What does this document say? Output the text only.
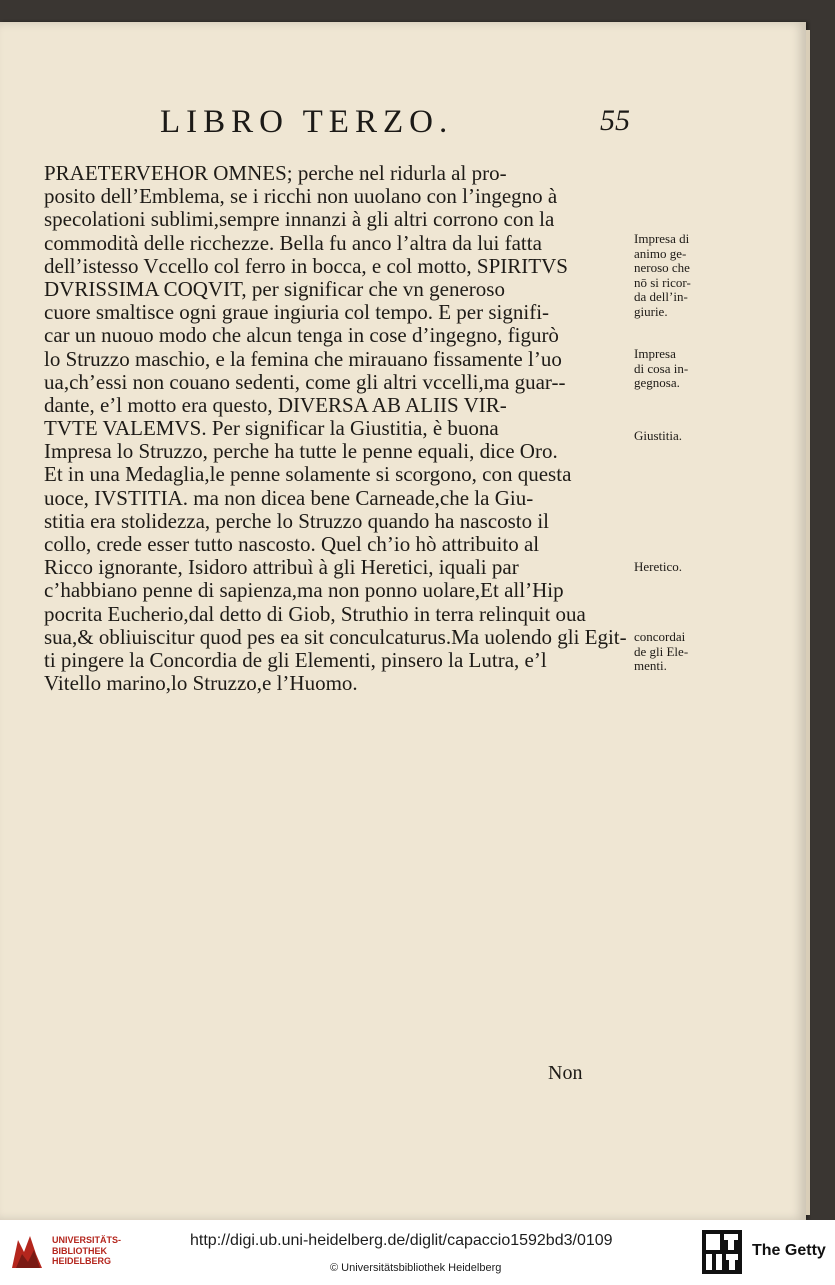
LIBRO TERZO.	55
PRAETERVEHOR OMNES; perche nel ridurla al pro-
posito dell’Emblema, se i ricchi non uuolano con l’ingegno à
specolationi sublimi,sempre innanzi à gli altri corrono con la
commodità delle ricchezze. Bella fu anco l’altra da lui fatta
dell’istesso Vccello col ferro in bocca, e col motto, SPIRITVS
DVRISSIMA COQVIT, per significar che vn generoso
cuore smaltisce ogni graue ingiuria col tempo. E per signifi-
car un nuouo modo che alcun tenga in cose d’ingegno, figurò
lo Struzzo maschio, e la femina che mirauano fissamente l’uo
ua,ch’essi non couano sedenti, come gli altri vccelli,ma guar--
dante, e’l motto era questo, DIVERSA AB ALIIS VIR-
TVTE VALEMVS. Per significar la Giustitia, è buona
Impresa lo Struzzo, perche ha tutte le penne equali, dice Oro.
Et in una Medaglia,le penne solamente si scorgono, con questa
uoce, IVSTITIA. ma non dicea bene Carneade,che la Giu-
stitia era stolidezza, perche lo Struzzo quando ha nascosto il
collo, crede esser tutto nascosto. Quel ch’io hò attribuito al
Ricco ignorante, Isidoro attribuì à gli Heretici, iquali par
c’habbiano penne di sapienza,ma non ponno uolare,Et all’Hip
pocrita Eucherio,dal detto di Giob, Struthio in terra relinquit oua
sua,& obliuiscitur quod pes ea sit conculcaturus.Ma uolendo gli Egit-
ti pingere la Concordia de gli Elementi, pinsero la Lutra, e’l
Vitello marino,lo Struzzo,e l’Huomo.
Impresa di
animo ge-
neroso che
nō si ricor-
da dell’in-
giurie.
Impresa
di cosa in-
gegnosa.
Giustitia.
Heretico.
concordai
de gli Ele-
menti.
Non
UNIVERSITÄTS-
BIBLIOTHEK
HEIDELBERG
http://digi.ub.uni-heidelberg.de/diglit/capaccio1592bd3/0109
© Universitätsbibliothek Heidelberg
The Getty
